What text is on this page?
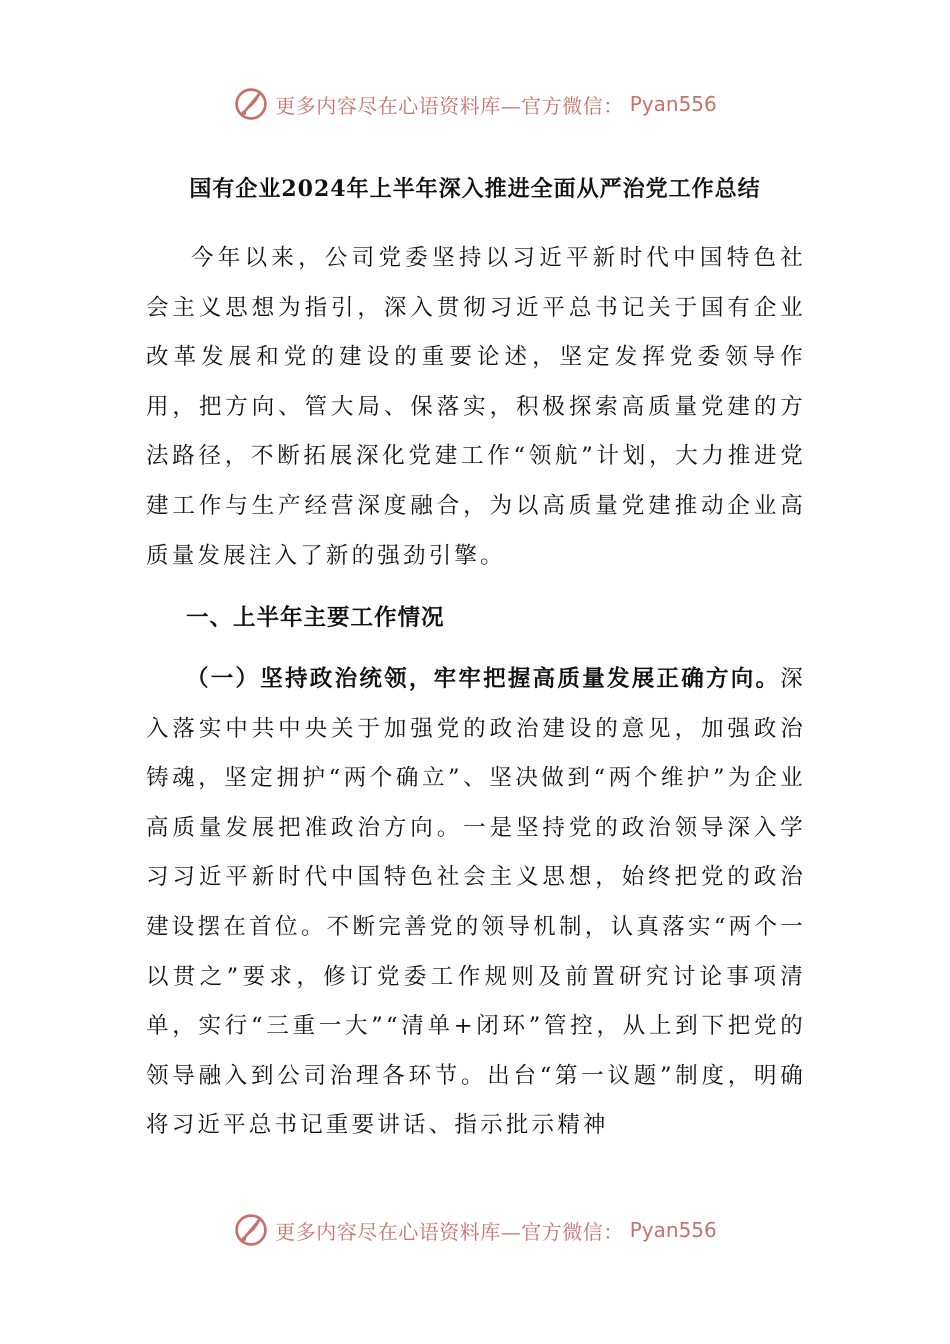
更多内容尽在心语资料库—官方微信： Pyan556
国有企业2024年上半年深入推进全面从严治党工作总结

今年以来，公司党委坚持以习近平新时代中国特色社会主义思想为指引，深入贯彻习近平总书记关于国有企业改革发展和党的建设的重要论述，坚定发挥党委领导作用，把方向、管大局、保落实，积极探索高质量党建的方法路径，不断拓展深化党建工作“领航”计划，大力推进党建工作与生产经营深度融合，为以高质量党建推动企业高质量发展注入了新的强劲引擎。

一、上半年主要工作情况

（一）坚持政治统领，牢牢把握高质量发展正确方向。深入落实中共中央关于加强党的政治建设的意见，加强政治铸魂，坚定拥护“两个确立”、坚决做到“两个维护”为企业高质量发展把准政治方向。一是坚持党的政治领导深入学习习近平新时代中国特色社会主义思想，始终把党的政治建设摆在首位。不断完善党的领导机制，认真落实“两个一以贯之”要求，修订党委工作规则及前置研究讨论事项清单，实行“三重一大”“清单+闭环”管控，从上到下把党的领导融入到公司治理各环节。出台“第一议题”制度，明确将习近平总书记重要讲话、指示批示精神

更多内容尽在心语资料库—官方微信： Pyan556
